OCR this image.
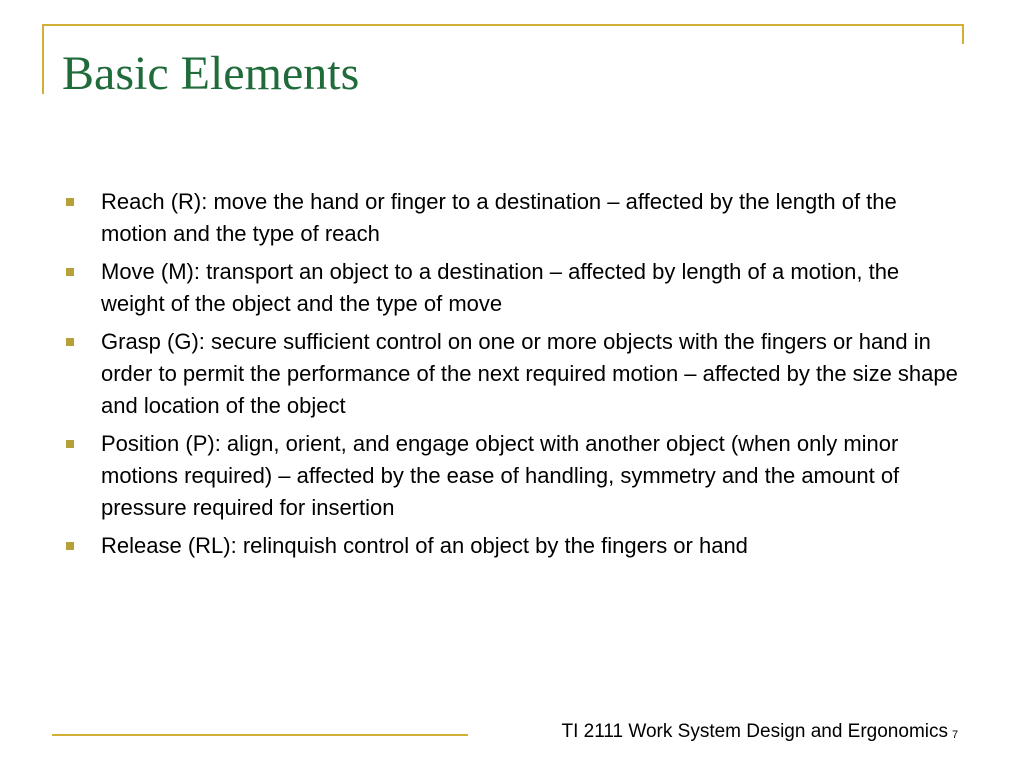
Basic Elements
Reach (R): move the hand or finger to a destination – affected by the length of the motion and the type of reach
Move (M): transport an object to a destination – affected by length of a motion, the weight of the object and the type of move
Grasp (G): secure sufficient control on one or more objects with the fingers or hand in order to permit the performance of the next required motion – affected by the size shape and location of the object
Position (P): align, orient, and engage object with another object (when only minor motions required) – affected by the ease of handling, symmetry and the amount of pressure required for insertion
Release (RL): relinquish control of an object by the fingers or hand
TI 2111 Work System Design and Ergonomics 7
